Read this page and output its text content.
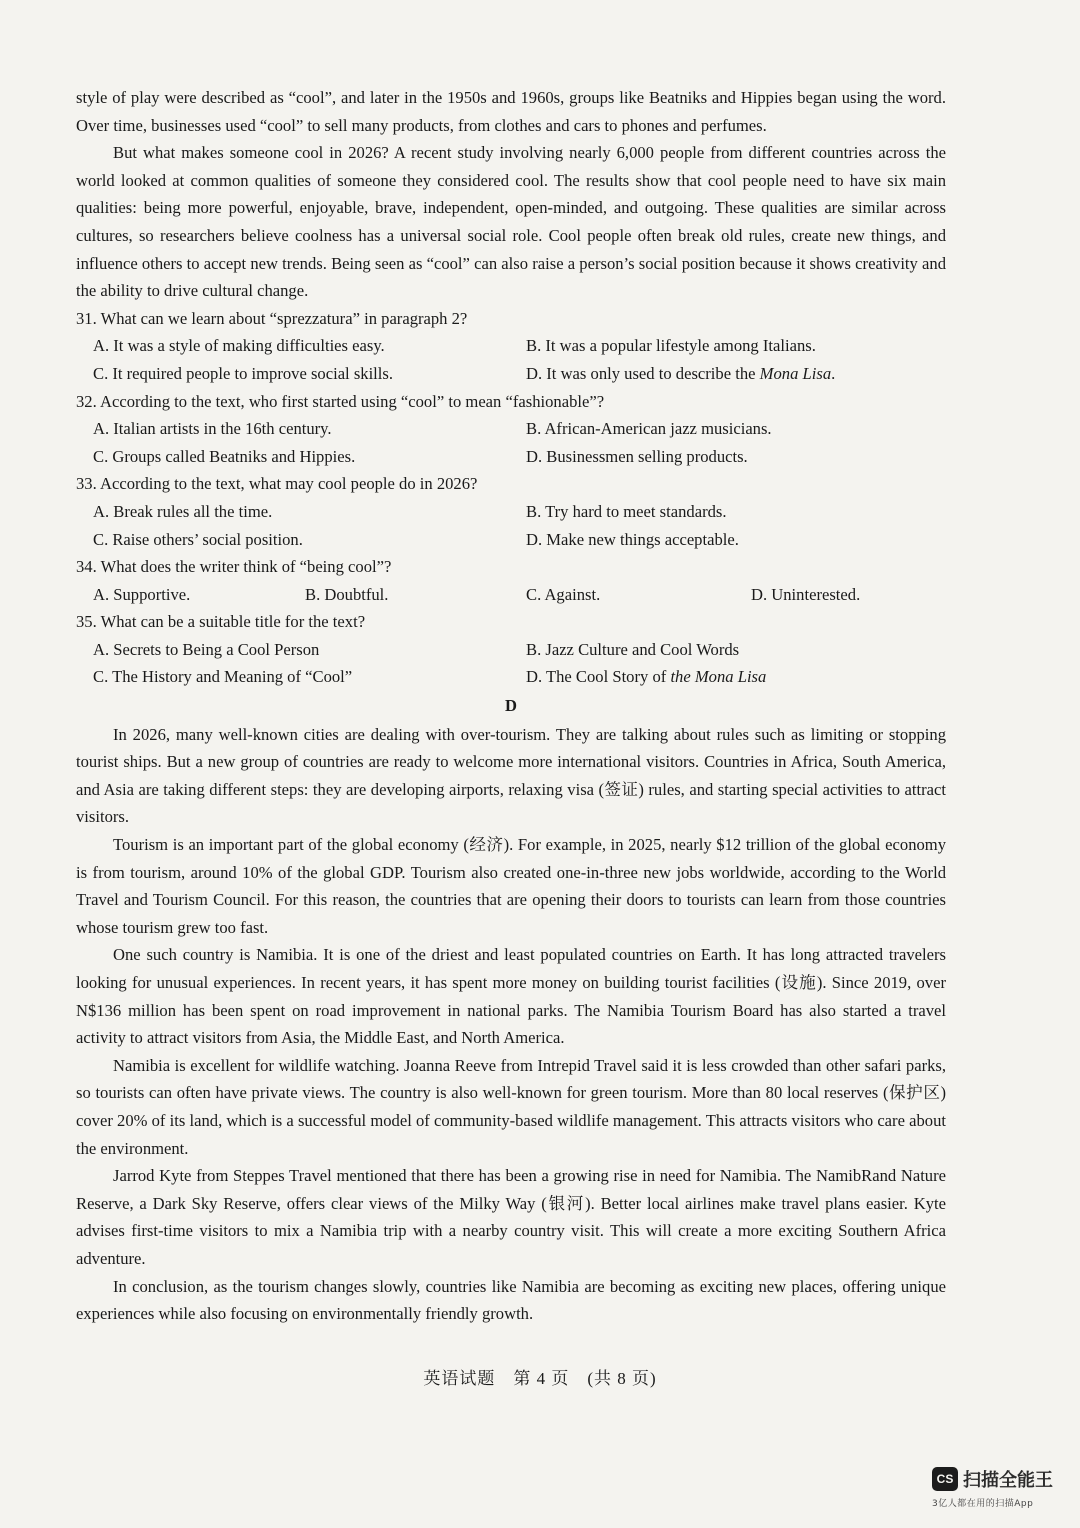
style of play were described as “cool”, and later in the 1950s and 1960s, groups like Beatniks and Hippies began using the word. Over time, businesses used “cool” to sell many products, from clothes and cars to phones and perfumes.

But what makes someone cool in 2026? A recent study involving nearly 6,000 people from different countries across the world looked at common qualities of someone they considered cool. The results show that cool people need to have six main qualities: being more powerful, enjoyable, brave, independent, open-minded, and outgoing. These qualities are similar across cultures, so researchers believe coolness has a universal social role. Cool people often break old rules, create new things, and influence others to accept new trends. Being seen as “cool” can also raise a person’s social position because it shows creativity and the ability to drive cultural change.

31. What can we learn about “sprezzatura” in paragraph 2?

A. It was a style of making difficulties easy.	B. It was a popular lifestyle among Italians.
C. It required people to improve social skills.	D. It was only used to describe the Mona Lisa.

32. According to the text, who first started using “cool” to mean “fashionable”?

A. Italian artists in the 16th century.	B. African-American jazz musicians.
C. Groups called Beatniks and Hippies.	D. Businessmen selling products.

33. According to the text, what may cool people do in 2026?

A. Break rules all the time.	B. Try hard to meet standards.
C. Raise others’ social position.	D. Make new things acceptable.

34. What does the writer think of “being cool”?

A. Supportive.	B. Doubtful.	C. Against.	D. Uninterested.

35. What can be a suitable title for the text?

A. Secrets to Being a Cool Person	B. Jazz Culture and Cool Words
C. The History and Meaning of “Cool”	D. The Cool Story of the Mona Lisa
D

In 2026, many well-known cities are dealing with over-tourism. They are talking about rules such as limiting or stopping tourist ships. But a new group of countries are ready to welcome more international visitors. Countries in Africa, South America, and Asia are taking different steps: they are developing airports, relaxing visa (签证) rules, and starting special activities to attract visitors.

Tourism is an important part of the global economy (经济). For example, in 2025, nearly $12 trillion of the global economy is from tourism, around 10% of the global GDP. Tourism also created one-in-three new jobs worldwide, according to the World Travel and Tourism Council. For this reason, the countries that are opening their doors to tourists can learn from those countries whose tourism grew too fast.

One such country is Namibia. It is one of the driest and least populated countries on Earth. It has long attracted travelers looking for unusual experiences. In recent years, it has spent more money on building tourist facilities (设施). Since 2019, over N$136 million has been spent on road improvement in national parks. The Namibia Tourism Board has also started a travel activity to attract visitors from Asia, the Middle East, and North America.

Namibia is excellent for wildlife watching. Joanna Reeve from Intrepid Travel said it is less crowded than other safari parks, so tourists can often have private views. The country is also well-known for green tourism. More than 80 local reserves (保护区) cover 20% of its land, which is a successful model of community-based wildlife management. This attracts visitors who care about the environment.

Jarrod Kyte from Steppes Travel mentioned that there has been a growing rise in need for Namibia. The NamibRand Nature Reserve, a Dark Sky Reserve, offers clear views of the Milky Way (银河). Better local airlines make travel plans easier. Kyte advises first-time visitors to mix a Namibia trip with a nearby country visit. This will create a more exciting Southern Africa adventure.

In conclusion, as the tourism changes slowly, countries like Namibia are becoming as exciting new places, offering unique experiences while also focusing on environmentally friendly growth.

英语试题　第 4 页　(共 8 页)
CS 扫描全能王
3亿人都在用的扫描App
